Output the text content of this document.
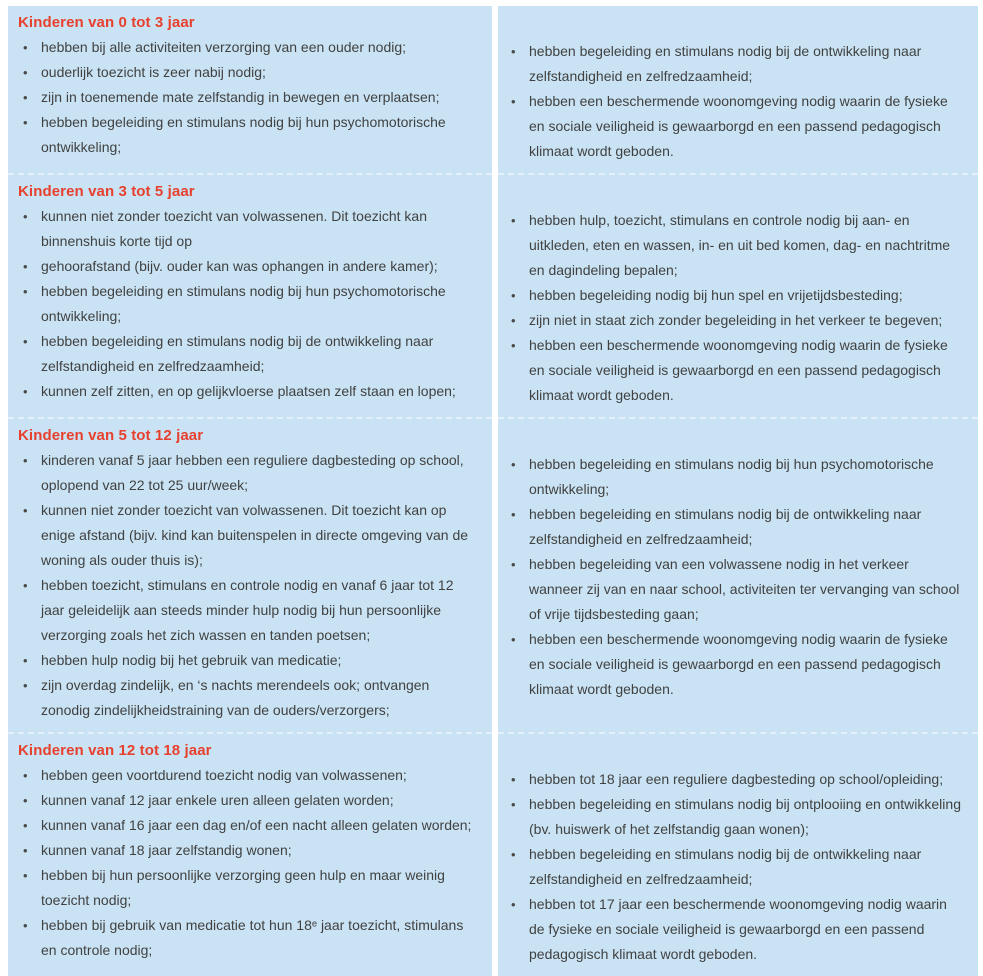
Kinderen van 0 tot 3 jaar
• hebben bij alle activiteiten verzorging van een ouder nodig;
• ouderlijk toezicht is zeer nabij nodig;
• zijn in toenemende mate zelfstandig in bewegen en verplaatsen;
• hebben begeleiding en stimulans nodig bij hun psychomotorische ontwikkeling;
• hebben begeleiding en stimulans nodig bij de ontwikkeling naar zelfstandigheid en zelfredzaamheid;
• hebben een beschermende woonomgeving nodig waarin de fysieke en sociale veiligheid is gewaarborgd en een passend pedagogisch klimaat wordt geboden.
Kinderen van 3 tot 5 jaar
• kunnen niet zonder toezicht van volwassenen. Dit toezicht kan binnenshuis korte tijd op
• gehoorafstand (bijv. ouder kan was ophangen in andere kamer);
• hebben begeleiding en stimulans nodig bij hun psychomotorische ontwikkeling;
• hebben begeleiding en stimulans nodig bij de ontwikkeling naar zelfstandigheid en zelfredzaamheid;
• kunnen zelf zitten, en op gelijkvloerse plaatsen zelf staan en lopen;
• hebben hulp, toezicht, stimulans en controle nodig bij aan- en uitkleden, eten en wassen, in- en uit bed komen, dag- en nachtritme en dagindeling bepalen;
• hebben begeleiding nodig bij hun spel en vrijetijdsbesteding;
• zijn niet in staat zich zonder begeleiding in het verkeer te begeven;
• hebben een beschermende woonomgeving nodig waarin de fysieke en sociale veiligheid is gewaarborgd en een passend pedagogisch klimaat wordt geboden.
Kinderen van 5 tot 12 jaar
• kinderen vanaf 5 jaar hebben een reguliere dagbesteding op school, oplopend van 22 tot 25 uur/week;
• kunnen niet zonder toezicht van volwassenen. Dit toezicht kan op enige afstand (bijv. kind kan buitenspelen in directe omgeving van de woning als ouder thuis is);
• hebben toezicht, stimulans en controle nodig en vanaf 6 jaar tot 12 jaar geleidelijk aan steeds minder hulp nodig bij hun persoonlijke verzorging zoals het zich wassen en tanden poetsen;
• hebben hulp nodig bij het gebruik van medicatie;
• zijn overdag zindelijk, en ‘s nachts merendeels ook; ontvangen zonodig zindelijkheidstraining van de ouders/verzorgers;
• hebben begeleiding en stimulans nodig bij hun psychomotorische ontwikkeling;
• hebben begeleiding en stimulans nodig bij de ontwikkeling naar zelfstandigheid en zelfredzaamheid;
• hebben begeleiding van een volwassene nodig in het verkeer wanneer zij van en naar school, activiteiten ter vervanging van school of vrije tijdsbesteding gaan;
• hebben een beschermende woonomgeving nodig waarin de fysieke en sociale veiligheid is gewaarborgd en een passend pedagogisch klimaat wordt geboden.
Kinderen van 12 tot 18 jaar
• hebben geen voortdurend toezicht nodig van volwassenen;
• kunnen vanaf 12 jaar enkele uren alleen gelaten worden;
• kunnen vanaf 16 jaar een dag en/of een nacht alleen gelaten worden;
• kunnen vanaf 18 jaar zelfstandig wonen;
• hebben bij hun persoonlijke verzorging geen hulp en maar weinig toezicht nodig;
• hebben bij gebruik van medicatie tot hun 18ᵉ jaar toezicht, stimulans en controle nodig;
• hebben tot 18 jaar een reguliere dagbesteding op school/opleiding;
• hebben begeleiding en stimulans nodig bij ontplooiing en ontwikkeling (bv. huiswerk of het zelfstandig gaan wonen);
• hebben begeleiding en stimulans nodig bij de ontwikkeling naar zelfstandigheid en zelfredzaamheid;
• hebben tot 17 jaar een beschermende woonomgeving nodig waarin de fysieke en sociale veiligheid is gewaarborgd en een passend pedagogisch klimaat wordt geboden.
